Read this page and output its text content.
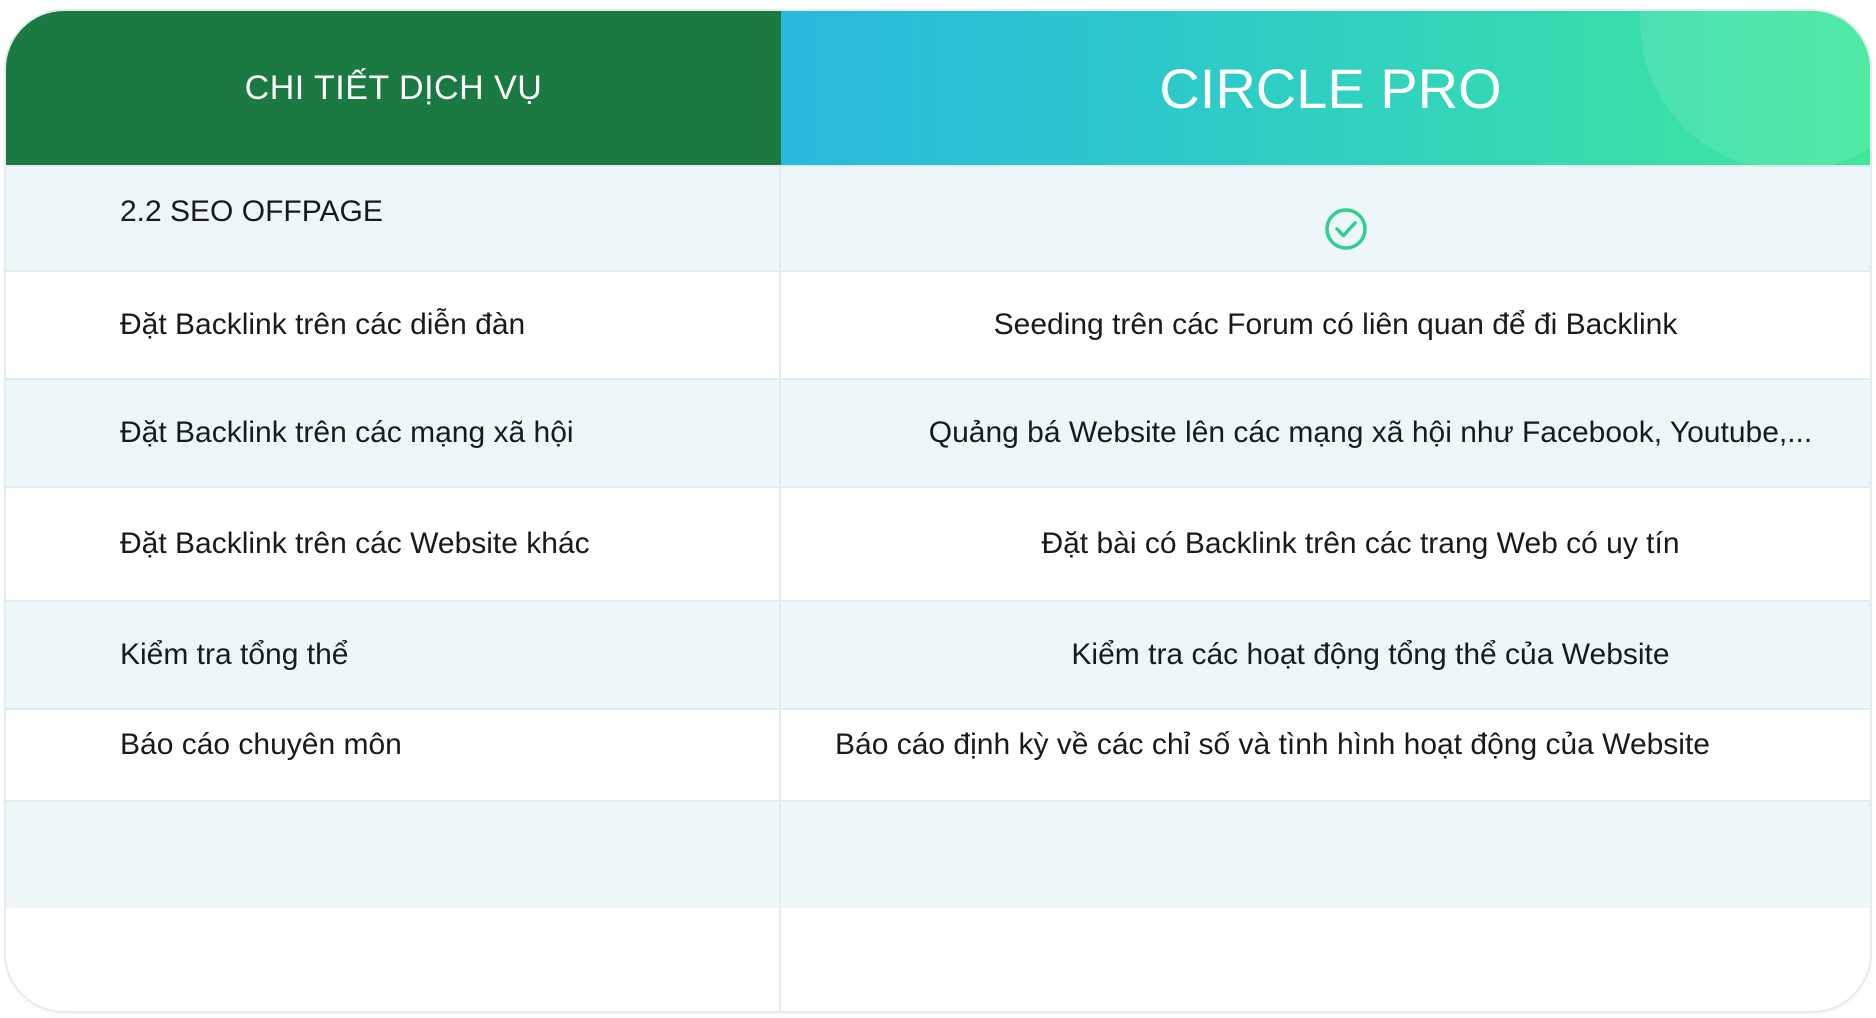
CHI TIẾT DỊCH VỤ	CIRCLE PRO
2.2 SEO OFFPAGE
Đặt Backlink trên các diễn đàn	Seeding trên các Forum có liên quan để đi Backlink
Đặt Backlink trên các mạng xã hội	Quảng bá Website lên các mạng xã hội như Facebook, Youtube,...
Đặt Backlink trên các Website khác	Đặt bài có Backlink trên các trang Web có uy tín
Kiểm tra tổng thể	Kiểm tra các hoạt động tổng thể của Website
Báo cáo chuyên môn	Báo cáo định kỳ về các chỉ số và tình hình hoạt động của Website
